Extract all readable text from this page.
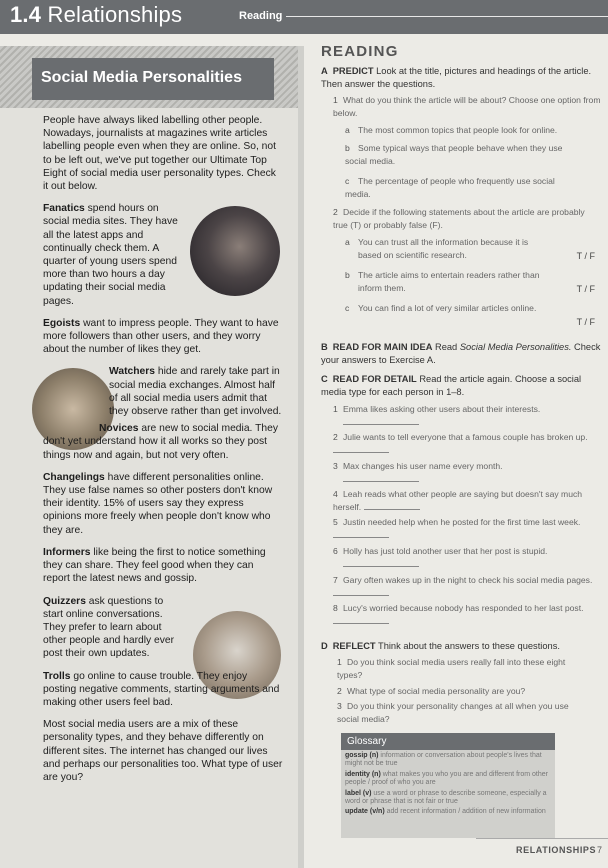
1.4 Relationships	Reading
Social Media Personalities

People have always liked labelling other people. Nowadays, journalists at magazines write articles labelling people even when they are online. So, not to be left out, we've put together our Ultimate Top Eight of social media user personality types. Check it out below.

Fanatics spend hours on social media sites. They have all the latest apps and continually check them. A quarter of young users spend more than two hours a day updating their social media pages.

Egoists want to impress people. They want to have more followers than other users, and they worry about the number of likes they get.

Watchers hide and rarely take part in social media exchanges. Almost half of all social media users admit that they observe rather than get involved.

Novices are new to social media. They don't yet understand how it all works so they post things now and again, but not very often.

Changelings have different personalities online. They use false names so other posters don't know their identity. 15% of users say they express opinions more freely when people don't know who they are.

Informers like being the first to notice something they can share. They feel good when they can report the latest news and gossip.

Quizzers ask questions to start online conversations. They prefer to learn about other people and hardly ever post their own updates.

Trolls go online to cause trouble. They enjoy posting negative comments, starting arguments and making other users feel bad.

Most social media users are a mix of these personality types, and they behave differently on different sites. The internet has changed our lives and perhaps our personalities too. What type of user are you?

READING
A PREDICT Look at the title, pictures and headings of the article. Then answer the questions.
1 What do you think the article will be about? Choose one option from below.
a The most common topics that people look for online.
b Some typical ways that people behave when they use social media.
c The percentage of people who frequently use social media.
2 Decide if the following statements about the article are probably true (T) or probably false (F).
a You can trust all the information because it is based on scientific research.	T / F
b The article aims to entertain readers rather than inform them.	T / F
c You can find a lot of very similar articles online.
T / F
B READ FOR MAIN IDEA Read Social Media Personalities. Check your answers to Exercise A.
C READ FOR DETAIL Read the article again. Choose a social media type for each person in 1–8.
1 Emma likes asking other users about their interests.

2 Julie wants to tell everyone that a famous couple has broken up.
3 Max changes his user name every month.

4 Leah reads what other people are saying but doesn't say much herself.
5 Justin needed help when he posted for the first time last week.
6 Holly has just told another user that her post is stupid.

7 Gary often wakes up in the night to check his social media pages.
8 Lucy's worried because nobody has responded to her last post.
D REFLECT Think about the answers to these questions.
1 Do you think social media users really fall into these eight types?
2 What type of social media personality are you?
3 Do you think your personality changes at all when you use social media?
Glossary
gossip (n) information or conversation about people's lives that might not be true
identity (n) what makes you who you are and different from other people / proof of who you are
label (v) use a word or phrase to describe someone, especially a word or phrase that is not fair or true
update (v/n) add recent information / addition of new information
RELATIONSHIPS 7
